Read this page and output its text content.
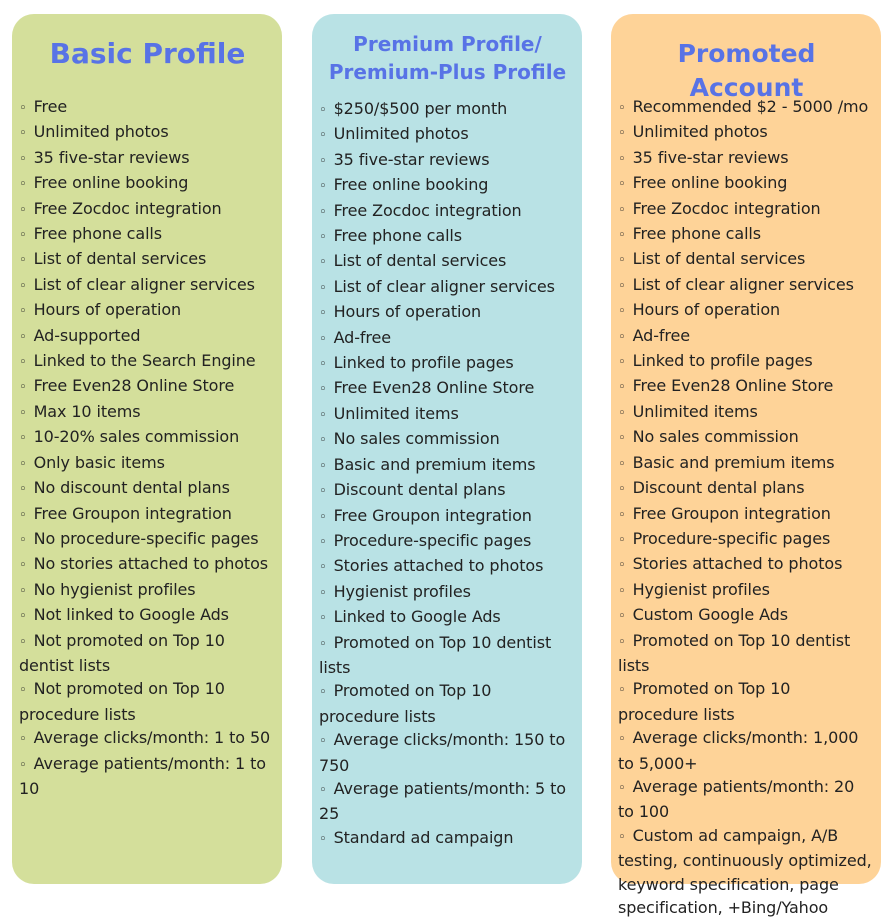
Basic Profile
◦ Free
◦ Unlimited photos
◦ 35 five-star reviews
◦ Free online booking
◦ Free Zocdoc integration
◦ Free phone calls
◦ List of dental services
◦ List of clear aligner services
◦ Hours of operation
◦ Ad-supported
◦ Linked to the Search Engine
◦ Free Even28 Online Store
◦ Max 10 items
◦ 10-20% sales commission
◦ Only basic items
◦ No discount dental plans
◦ Free Groupon integration
◦ No procedure-specific pages
◦ No stories attached to photos
◦ No hygienist profiles
◦ Not linked to Google Ads
◦ Not promoted on Top 10 dentist lists
◦ Not promoted on Top 10 procedure lists
◦ Average clicks/month: 1 to 50
◦ Average patients/month: 1 to 10
Premium Profile/
Premium-Plus Profile
◦ $250/$500 per month
◦ Unlimited photos
◦ 35 five-star reviews
◦ Free online booking
◦ Free Zocdoc integration
◦ Free phone calls
◦ List of dental services
◦ List of clear aligner services
◦ Hours of operation
◦ Ad-free
◦ Linked to profile pages
◦ Free Even28 Online Store
◦ Unlimited items
◦ No sales commission
◦ Basic and premium items
◦ Discount dental plans
◦ Free Groupon integration
◦ Procedure-specific pages
◦ Stories attached to photos
◦ Hygienist profiles
◦ Linked to Google Ads
◦ Promoted on Top 10 dentist lists
◦ Promoted on Top 10 procedure lists
◦ Average clicks/month: 150 to 750
◦ Average patients/month: 5 to 25
◦ Standard ad campaign
Promoted Account
◦ Recommended $2 - 5000 /mo
◦ Unlimited photos
◦ 35 five-star reviews
◦ Free online booking
◦ Free Zocdoc integration
◦ Free phone calls
◦ List of dental services
◦ List of clear aligner services
◦ Hours of operation
◦ Ad-free
◦ Linked to profile pages
◦ Free Even28 Online Store
◦ Unlimited items
◦ No sales commission
◦ Basic and premium items
◦ Discount dental plans
◦ Free Groupon integration
◦ Procedure-specific pages
◦ Stories attached to photos
◦ Hygienist profiles
◦ Custom Google Ads
◦ Promoted on Top 10 dentist lists
◦ Promoted on Top 10 procedure lists
◦ Average clicks/month: 1,000 to 5,000+
◦ Average patients/month: 20 to 100
◦ Custom ad campaign, A/B testing, continuously optimized, keyword specification, page specification, +Bing/Yahoo
